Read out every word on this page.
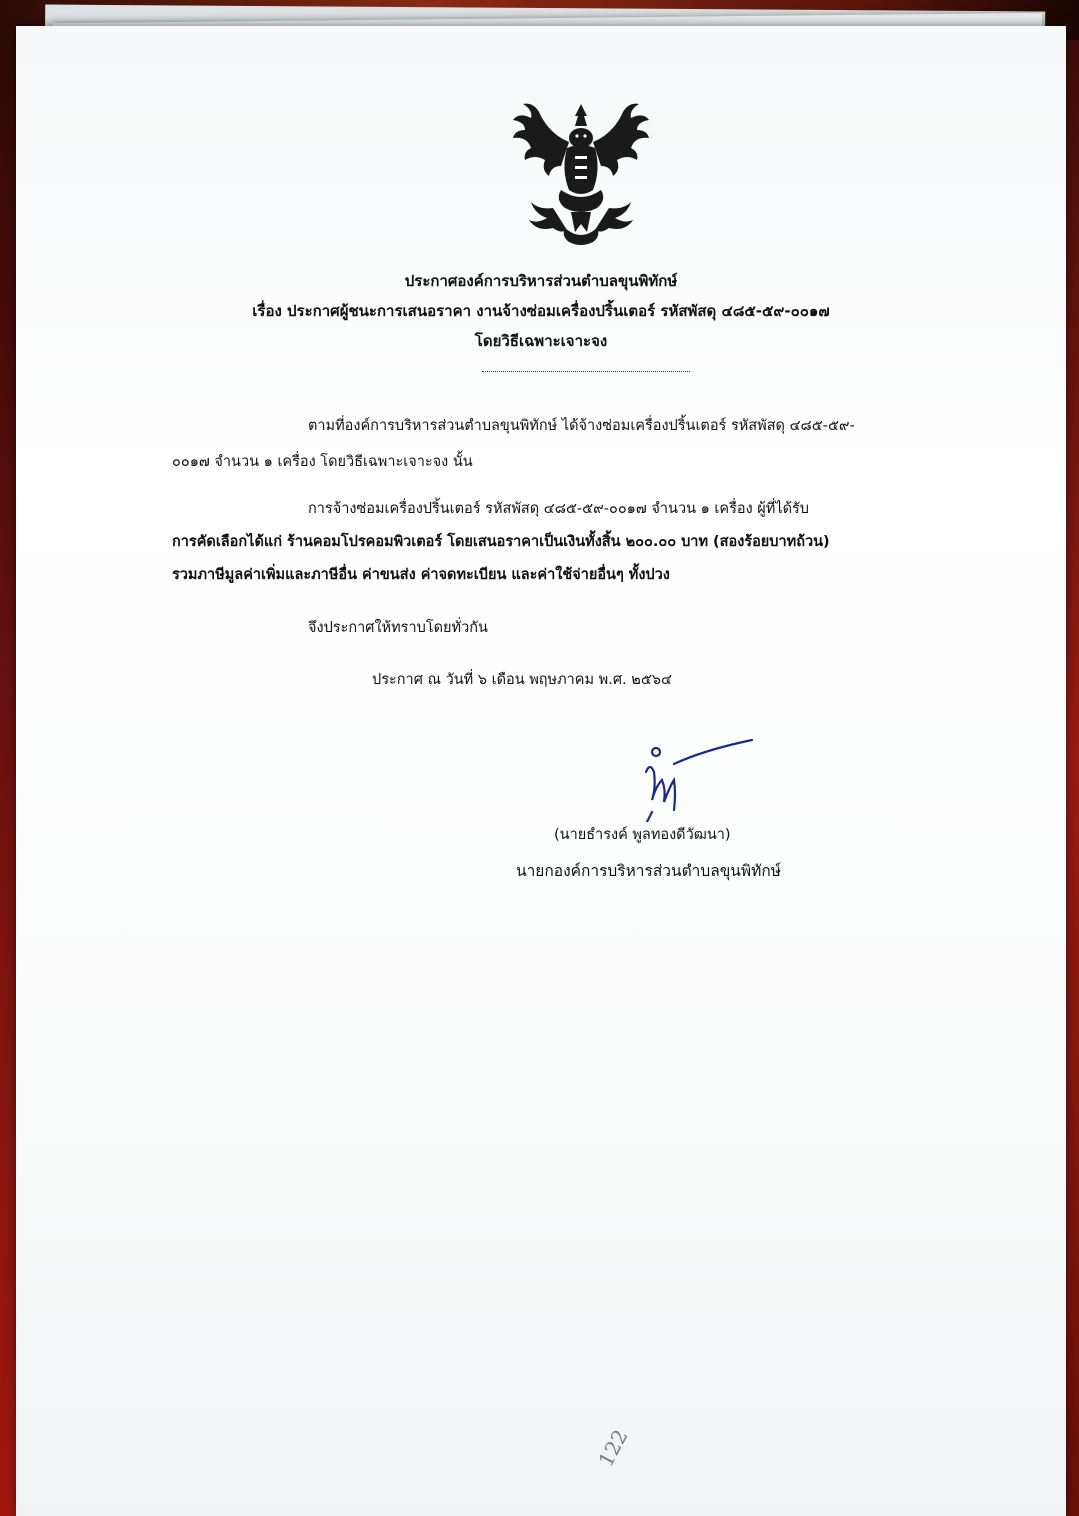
ประกาศองค์การบริหารส่วนตำบลขุนพิทักษ์
เรื่อง ประกาศผู้ชนะการเสนอราคา งานจ้างซ่อมเครื่องปริ้นเตอร์ รหัสพัสดุ ๔๘๕-๕๙-๐๐๑๗
โดยวิธีเฉพาะเจาะจง
ตามที่องค์การบริหารส่วนตำบลขุนพิทักษ์ ได้จ้างซ่อมเครื่องปริ้นเตอร์ รหัสพัสดุ ๔๘๕-๕๙-
๐๐๑๗ จำนวน ๑ เครื่อง โดยวิธีเฉพาะเจาะจง นั้น
การจ้างซ่อมเครื่องปริ้นเตอร์ รหัสพัสดุ ๔๘๕-๕๙-๐๐๑๗ จำนวน ๑ เครื่อง ผู้ที่ได้รับ
การคัดเลือกได้แก่ ร้านคอมโปรคอมพิวเตอร์ โดยเสนอราคาเป็นเงินทั้งสิ้น ๒๐๐.๐๐ บาท (สองร้อยบาทถ้วน)
รวมภาษีมูลค่าเพิ่มและภาษีอื่น ค่าขนส่ง ค่าจดทะเบียน และค่าใช้จ่ายอื่นๆ ทั้งปวง
จึงประกาศให้ทราบโดยทั่วกัน
ประกาศ ณ วันที่ ๖ เดือน พฤษภาคม พ.ศ. ๒๕๖๔
(นายธำรงค์ พูลทองดีวัฒนา)
นายกองค์การบริหารส่วนตำบลขุนพิทักษ์
122
